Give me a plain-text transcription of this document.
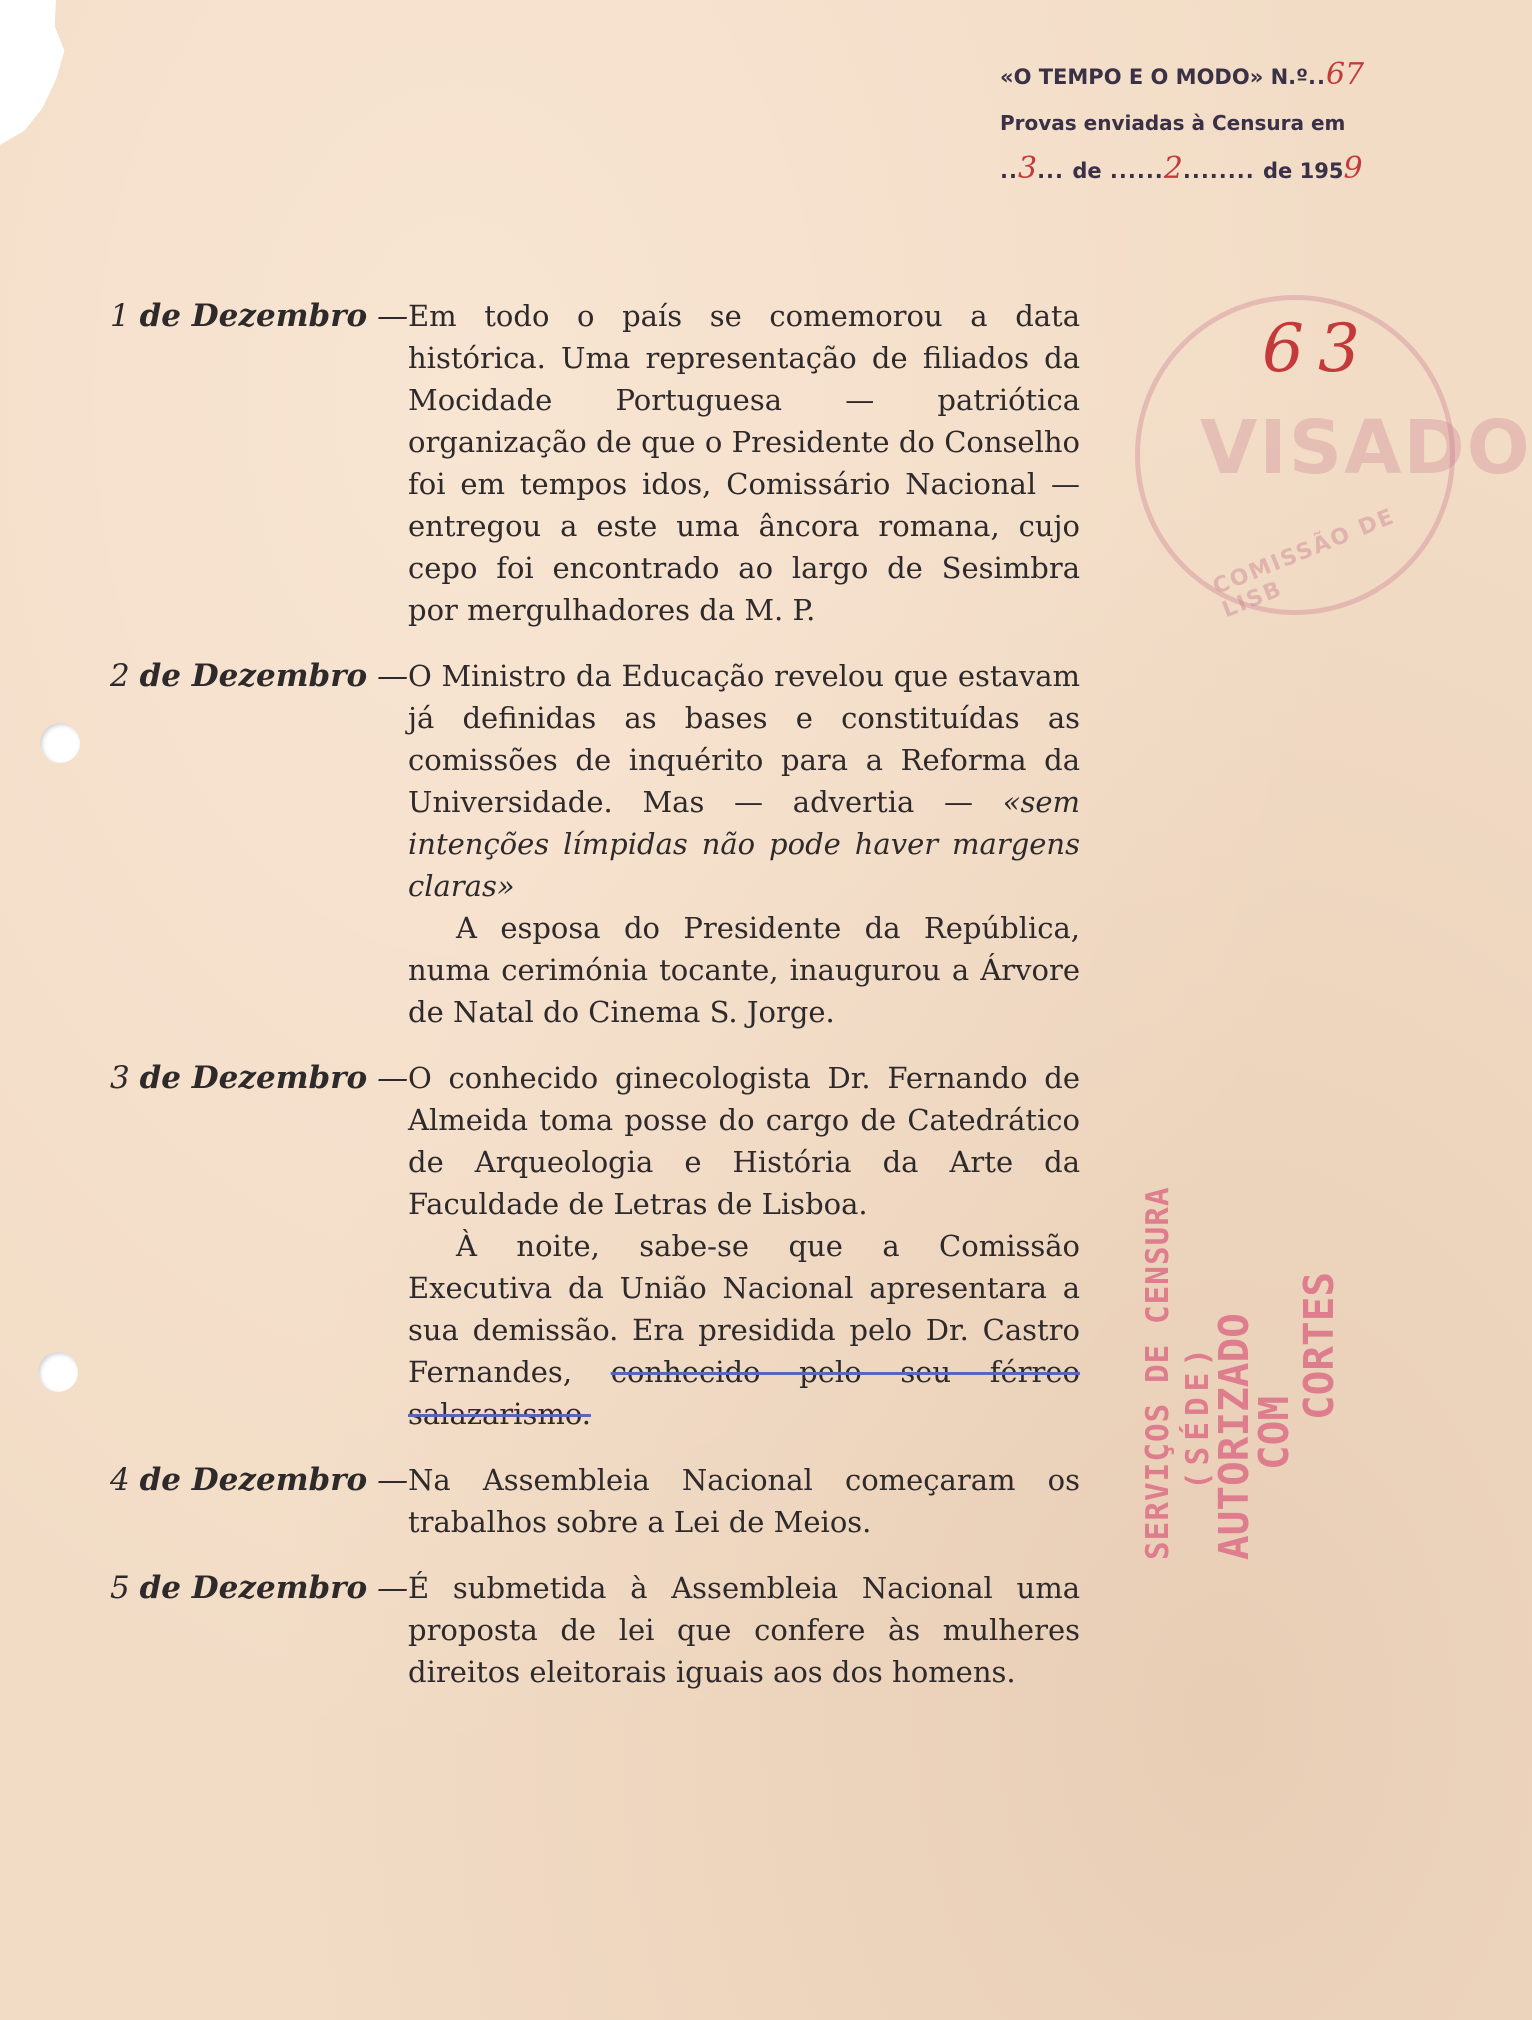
«O TEMPO E O MODO» N.º..67
Provas enviadas à Censura em
..3... de ......2........ de 1959
VISADO
COMISSÃO DE LISB
63
SERVIÇOS DE CENSURA (SÉDE)
AUTORIZADO
COM
CORTES
1 de Dezembro — Em todo o país se comemorou a data histórica. Uma representação de filiados da Mocidade Portuguesa — patriótica organização de que o Presidente do Conselho foi em tempos idos, Comissário Nacional — entregou a este uma âncora romana, cujo cepo foi encontrado ao largo de Sesimbra por mergulhadores da M. P.

2 de Dezembro — O Ministro da Educação revelou que estavam já definidas as bases e constituídas as comissões de inquérito para a Reforma da Universidade. Mas — advertia — «sem intenções límpidas não pode haver margens claras»

A esposa do Presidente da República, numa cerimónia tocante, inaugurou a Árvore de Natal do Cinema S. Jorge.

3 de Dezembro — O conhecido ginecologista Dr. Fernando de Almeida toma posse do cargo de Catedrático de Arqueologia e História da Arte da Faculdade de Letras de Lisboa.

À noite, sabe-se que a Comissão Executiva da União Nacional apresentara a sua demissão. Era presidida pelo Dr. Castro Fernandes, conhecido pelo seu férreo salazarismo.

4 de Dezembro — Na Assembleia Nacional começaram os trabalhos sobre a Lei de Meios.

5 de Dezembro — É submetida à Assembleia Nacional uma proposta de lei que confere às mulheres direitos eleitorais iguais aos dos homens.
